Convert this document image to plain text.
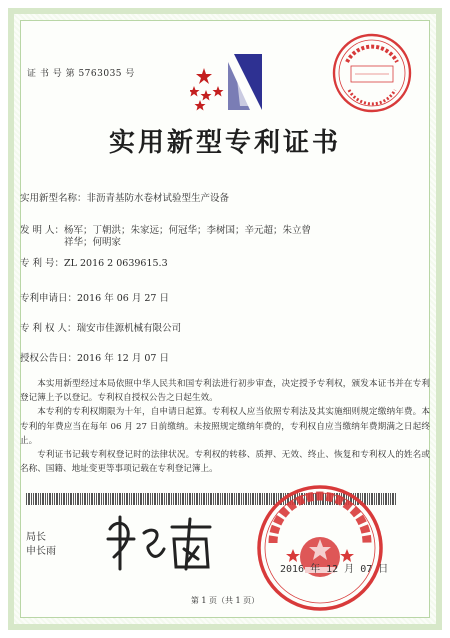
证 书 号 第 5763035 号
实用新型专利证书
实用新型名称：非沥青基防水卷材试验型生产设备
发 明 人：杨军；丁朝洪；朱家远；何冠华；李树国；辛元超；朱立曾祥华；何明家
专 利 号：ZL 2016 2 0639615.3
专利申请日：2016 年 06 月 27 日
专 利 权 人：瑞安市佳源机械有限公司
授权公告日：2016 年 12 月 07 日

本实用新型经过本局依照中华人民共和国专利法进行初步审查，决定授予专利权，颁发本证书并在专利登记簿上予以登记。专利权自授权公告之日起生效。

本专利的专利权期限为十年，自申请日起算。专利权人应当依照专利法及其实施细则规定缴纳年费。本专利的年费应当在每年 06 月 27 日前缴纳。未按照规定缴纳年费的，专利权自应当缴纳年费期满之日起终止。

专利证书记载专利权登记时的法律状况。专利权的转移、质押、无效、终止、恢复和专利权人的姓名或名称、国籍、地址变更等事项记载在专利登记簿上。

局长
申长雨
2016 年 12 月 07 日
第 1 页（共 1 页）
